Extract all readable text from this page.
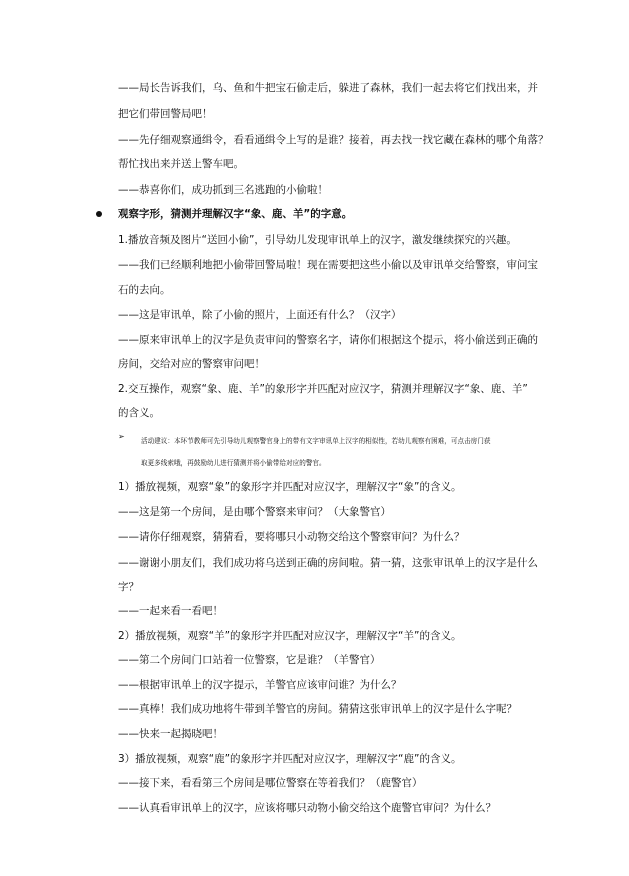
——局长告诉我们，乌、鱼和牛把宝石偷走后，躲进了森林，我们一起去将它们找出来，并
把它们带回警局吧！
——先仔细观察通缉令，看看通缉令上写的是谁？接着，再去找一找它藏在森林的哪个角落？
帮忙找出来并送上警车吧。
——恭喜你们，成功抓到三名逃跑的小偷啦！
观察字形，猜测并理解汉字“象、鹿、羊”的字意。
1.播放音频及图片“送回小偷”，引导幼儿发现审讯单上的汉字，激发继续探究的兴趣。
——我们已经顺利地把小偷带回警局啦！现在需要把这些小偷以及审讯单交给警察，审问宝
石的去向。
——这是审讯单，除了小偷的照片，上面还有什么？（汉字）
——原来审讯单上的汉字是负责审问的警察名字，请你们根据这个提示，将小偷送到正确的
房间，交给对应的警察审问吧！
2.交互操作，观察“象、鹿、羊”的象形字并匹配对应汉字，猜测并理解汉字“象、鹿、羊”
的含义。
➢ 活动建议：本环节教师可先引导幼儿观察警官身上的带有文字审讯单上汉字的相似性，若幼儿观察有困难，可点击房门获
取更多线索哦，再鼓励幼儿进行猜测并将小偷带给对应的警官。
1）播放视频，观察“象”的象形字并匹配对应汉字，理解汉字“象”的含义。
——这是第一个房间，是由哪个警察来审问？（大象警官）
——请你仔细观察，猜猜看，要将哪只小动物交给这个警察审问？为什么？
——谢谢小朋友们，我们成功将乌送到正确的房间啦。猜一猜，这张审讯单上的汉字是什么
字？
——一起来看一看吧！
2）播放视频，观察“羊”的象形字并匹配对应汉字，理解汉字“羊”的含义。
——第二个房间门口站着一位警察，它是谁？（羊警官）
——根据审讯单上的汉字提示，羊警官应该审问谁？为什么？
——真棒！我们成功地将牛带到羊警官的房间。猜猜这张审讯单上的汉字是什么字呢？
——快来一起揭晓吧！
3）播放视频，观察“鹿”的象形字并匹配对应汉字，理解汉字“鹿”的含义。
——接下来，看看第三个房间是哪位警察在等着我们？（鹿警官）
——认真看审讯单上的汉字，应该将哪只动物小偷交给这个鹿警官审问？为什么？
